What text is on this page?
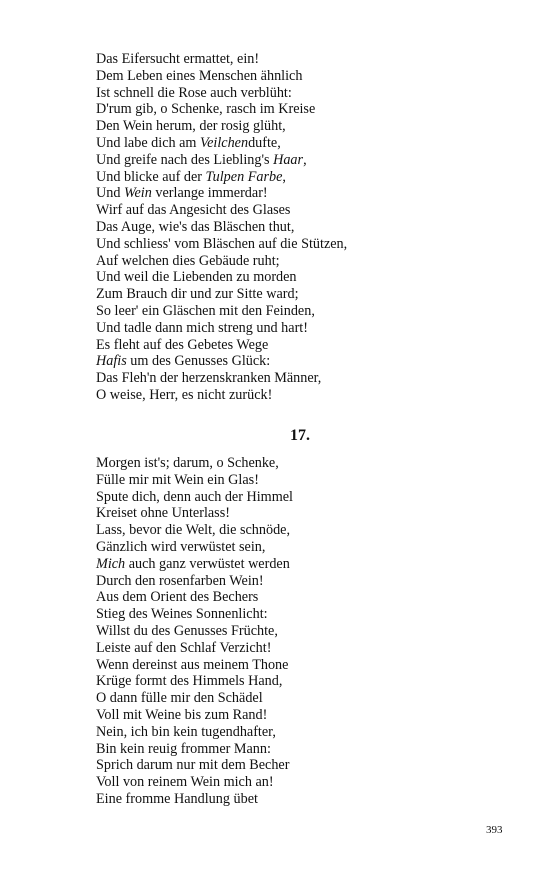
Das Eifersucht ermattet, ein!
Dem Leben eines Menschen ähnlich
Ist schnell die Rose auch verblüht:
D'rum gib, o Schenke, rasch im Kreise
Den Wein herum, der rosig glüht,
Und labe dich am Veilchendufte,
Und greife nach des Liebling's Haar,
Und blicke auf der Tulpen Farbe,
Und Wein verlange immerdar!
Wirf auf das Angesicht des Glases
Das Auge, wie's das Bläschen thut,
Und schliess' vom Bläschen auf die Stützen,
Auf welchen dies Gebäude ruht;
Und weil die Liebenden zu morden
Zum Brauch dir und zur Sitte ward;
So leer' ein Gläschen mit den Feinden,
Und tadle dann mich streng und hart!
Es fleht auf des Gebetes Wege
Hafis um des Genusses Glück:
Das Fleh'n der herzenskranken Männer,
O weise, Herr, es nicht zurück!
17.
Morgen ist's; darum, o Schenke,
Fülle mir mit Wein ein Glas!
Spute dich, denn auch der Himmel
Kreiset ohne Unterlass!
Lass, bevor die Welt, die schnöde,
Gänzlich wird verwüstet sein,
Mich auch ganz verwüstet werden
Durch den rosenfarben Wein!
Aus dem Orient des Bechers
Stieg des Weines Sonnenlicht:
Willst du des Genusses Früchte,
Leiste auf den Schlaf Verzicht!
Wenn dereinst aus meinem Thone
Krüge formt des Himmels Hand,
O dann fülle mir den Schädel
Voll mit Weine bis zum Rand!
Nein, ich bin kein tugendhafter,
Bin kein reuig frommer Mann:
Sprich darum nur mit dem Becher
Voll von reinem Wein mich an!
Eine fromme Handlung übet
393
